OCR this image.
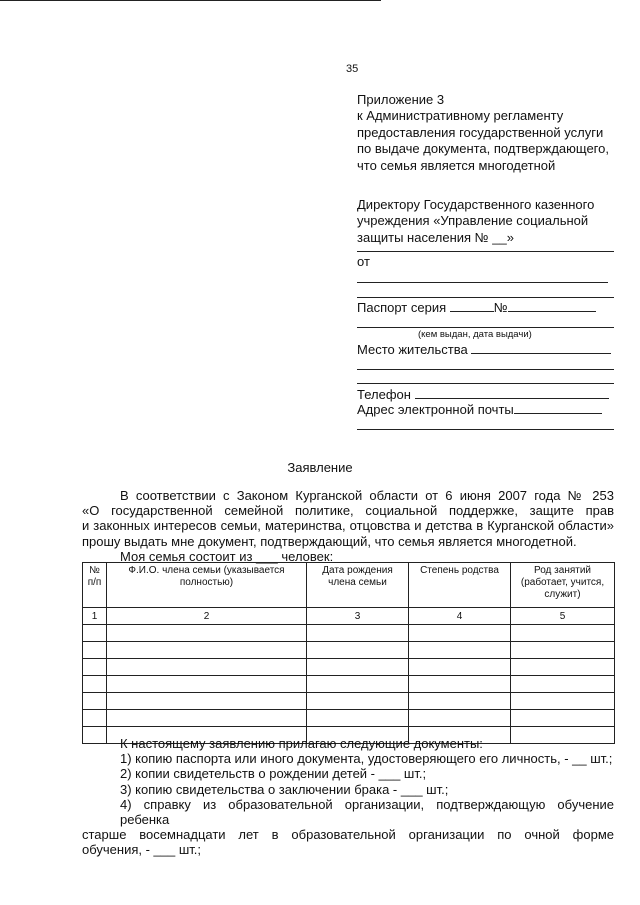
35
Приложение 3
к Административному регламенту
предоставления государственной услуги
по выдаче документа, подтверждающего,
что семья является многодетной
Директору Государственного казенного
учреждения «Управление социальной
защиты населения № __»
от
Паспорт серия	№
(кем выдан, дата выдачи)
Место жительства
Телефон
Адрес электронной почты
Заявление
В соответствии с Законом Курганской области от 6 июня 2007 года № 253
«О государственной семейной политике, социальной поддержке, защите прав
и законных интересов семьи, материнства, отцовства и детства в Курганской области»
прошу выдать мне документ, подтверждающий, что семья является многодетной.
Моя семья состоит из ___ человек:
№ п/п	Ф.И.О. члена семьи (указывается полностью)	Дата рождения члена семьи	Степень родства	Род занятий (работает, учится, служит)
1	2	3	4	5

К настоящему заявлению прилагаю следующие документы:
1) копию паспорта или иного документа, удостоверяющего его личность, - __ шт.;
2) копии свидетельств о рождении детей - ___ шт.;
3) копию свидетельства о заключении брака - ___ шт.;
4) справку из образовательной организации, подтверждающую обучение ребенка
старше восемнадцати лет в образовательной организации по очной форме
обучения, - ___ шт.;
